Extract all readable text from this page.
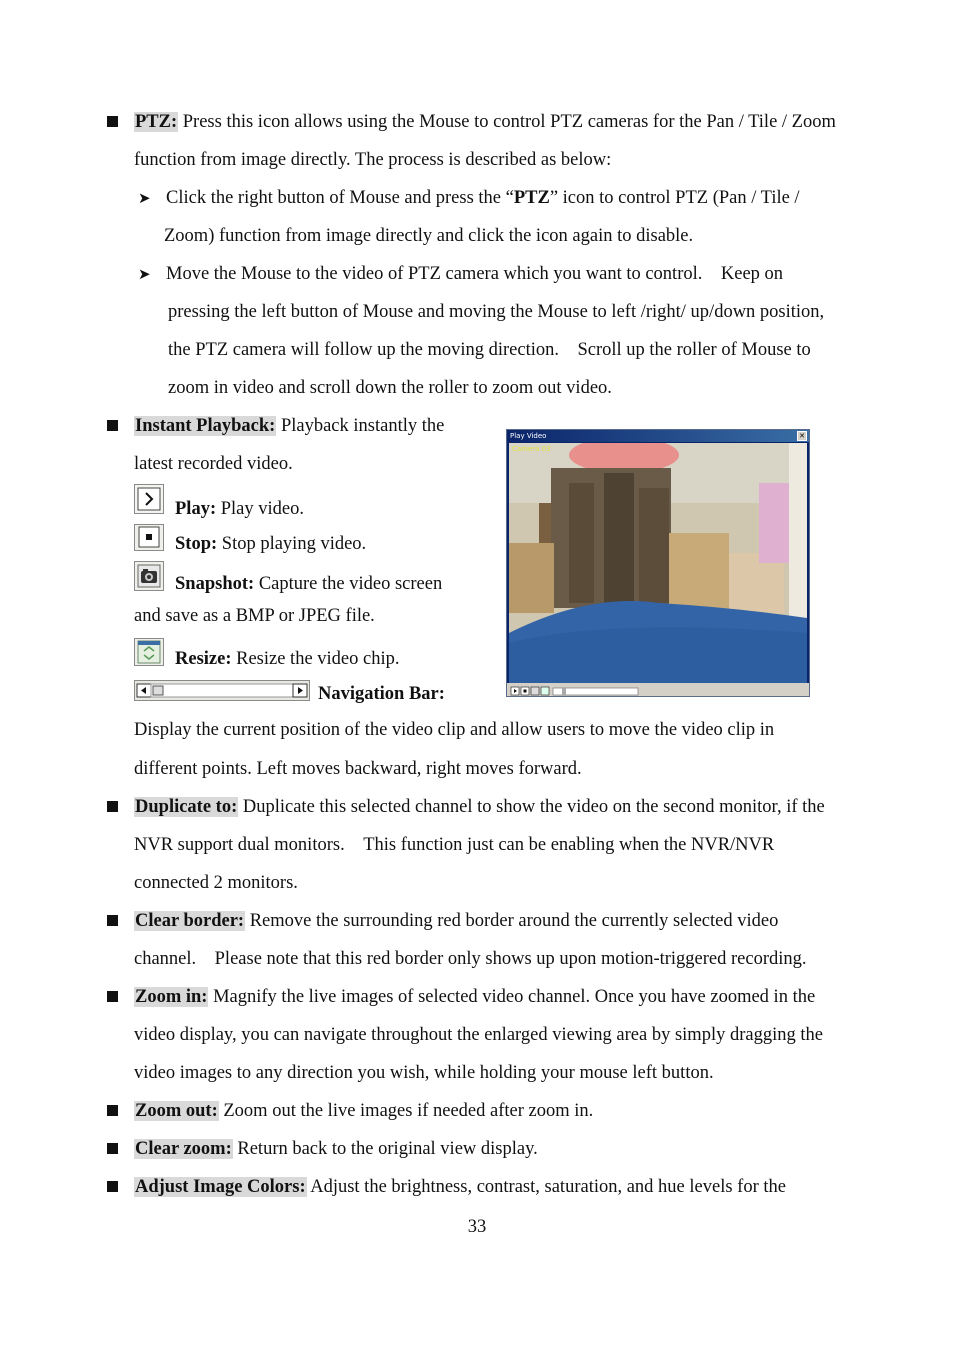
PTZ: Press this icon allows using the Mouse to control PTZ cameras for the Pan / Tile / Zoom
function from image directly. The process is described as below:
➤ Click the right button of Mouse and press the “PTZ” icon to control PTZ (Pan / Tile /
Zoom) function from image directly and click the icon again to disable.
➤ Move the Mouse to the video of PTZ camera which you want to control.    Keep on
pressing the left button of Mouse and moving the Mouse to left /right/ up/down position,
the PTZ camera will follow up the moving direction.    Scroll up the roller of Mouse to
zoom in video and scroll down the roller to zoom out video.
Instant Playback: Playback instantly the
latest recorded video.
Play: Play video.
Stop: Stop playing video.
Snapshot: Capture the video screen
and save as a BMP or JPEG file.
Resize: Resize the video chip.
Navigation Bar:
Display the current position of the video clip and allow users to move the video clip in
different points. Left moves backward, right moves forward.
Play Video	✕
Camera 03
Duplicate to: Duplicate this selected channel to show the video on the second monitor, if the
NVR support dual monitors.    This function just can be enabling when the NVR/NVR
connected 2 monitors.
Clear border: Remove the surrounding red border around the currently selected video
channel.    Please note that this red border only shows up upon motion-triggered recording.
Zoom in: Magnify the live images of selected video channel. Once you have zoomed in the
video display, you can navigate throughout the enlarged viewing area by simply dragging the
video images to any direction you wish, while holding your mouse left button.
Zoom out: Zoom out the live images if needed after zoom in.
Clear zoom: Return back to the original view display.
Adjust Image Colors: Adjust the brightness, contrast, saturation, and hue levels for the
33
